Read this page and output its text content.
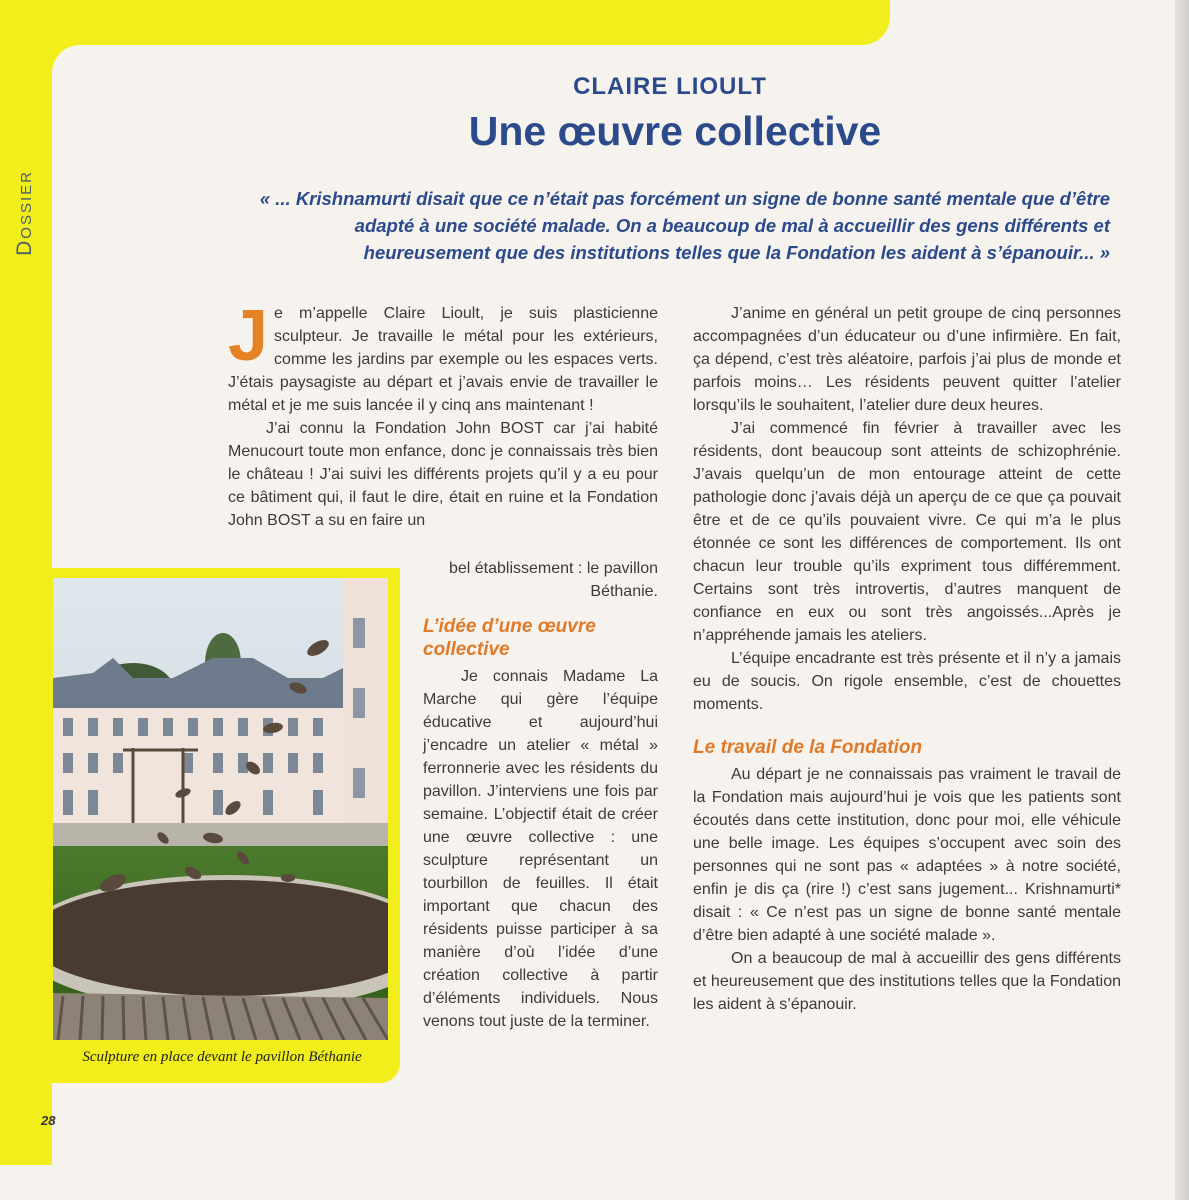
Dossier
28
CLAIRE LIOULT
Une œuvre collective
« ... Krishnamurti disait que ce n’était pas forcément un signe de bonne santé mentale que d’être adapté à une société malade. On a beaucoup de mal à accueillir des gens différents et heureusement que des institutions telles que la Fondation les aident à s’épanouir... »
J e m’appelle Claire Lioult, je suis plasticienne sculpteur. Je travaille le métal pour les extérieurs, comme les jardins par exemple ou les espaces verts. J’étais paysagiste au départ et j’avais envie de travailler le métal et je me suis lancée il y cinq ans maintenant !

J’ai connu la Fondation John BOST car j’ai habité Menucourt toute mon enfance, donc je connaissais très bien le château ! J’ai suivi les différents projets qu’il y a eu pour ce bâtiment qui, il faut le dire, était en ruine et la Fondation John BOST a su en faire un

bel établissement : le pavillon Béthanie.

L’idée d’une œuvre collective

Je connais Madame La Marche qui gère l’équipe éducative et aujourd’hui j’encadre un atelier « métal » ferronnerie avec les résidents du pavillon. J’interviens une fois par semaine. L’objectif était de créer une œuvre collective : une sculpture représentant un tourbillon de feuilles. Il était important que chacun des résidents puisse participer à sa manière d’où l’idée d’une création collective à partir d’éléments individuels. Nous venons tout juste de la terminer.

J’anime en général un petit groupe de cinq personnes accompagnées d’un éducateur ou d’une infirmière. En fait, ça dépend, c’est très aléatoire, parfois j’ai plus de monde et parfois moins… Les résidents peuvent quitter l’atelier lorsqu’ils le souhaitent, l’atelier dure deux heures.

J’ai commencé fin février à travailler avec les résidents, dont beaucoup sont atteints de schizophrénie. J’avais quelqu’un de mon entourage atteint de cette pathologie donc j’avais déjà un aperçu de ce que ça pouvait être et de ce qu’ils pouvaient vivre. Ce qui m’a le plus étonnée ce sont les différences de comportement. Ils ont chacun leur trouble qu’ils expriment tous différemment. Certains sont très introvertis, d’autres manquent de confiance en eux ou sont très angoissés...Après je n’appréhende jamais les ateliers.

L’équipe encadrante est très présente et il n’y a jamais eu de soucis. On rigole ensemble, c’est de chouettes moments.

Le travail de la Fondation

Au départ je ne connaissais pas vraiment le travail de la Fondation mais aujourd’hui je vois que les patients sont écoutés dans cette institution, donc pour moi, elle véhicule une belle image. Les équipes s’occupent avec soin des personnes qui ne sont pas « adaptées » à notre société, enfin je dis ça (rire !) c’est sans jugement... Krishnamurti* disait : « Ce n’est pas un signe de bonne santé mentale d’être bien adapté à une société malade ».

On a beaucoup de mal à accueillir des gens différents et heureusement que des institutions telles que la Fondation les aident à s’épanouir.

Sculpture en place devant le pavillon Béthanie
